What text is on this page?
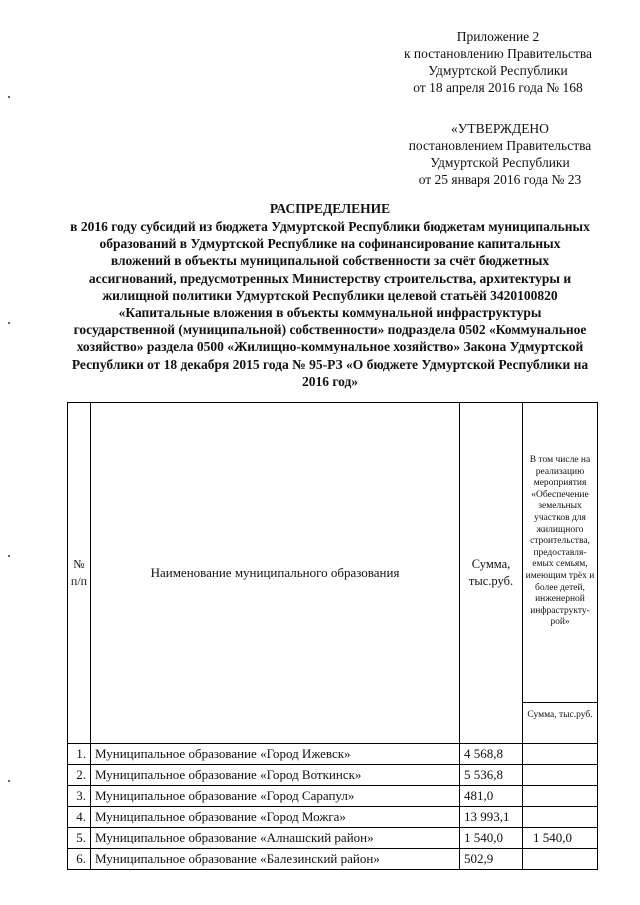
Приложение 2
к постановлению Правительства
Удмуртской Республики
от 18 апреля 2016 года № 168
«УТВЕРЖДЕНО
постановлением Правительства
Удмуртской Республики
от 25 января 2016 года № 23
РАСПРЕДЕЛЕНИЕ
в 2016 году субсидий из бюджета Удмуртской Республики бюджетам муниципальных
образований в Удмуртской Республике на софинансирование капитальных
вложений в объекты муниципальной собственности за счёт бюджетных
ассигнований, предусмотренных Министерству строительства, архитектуры и
жилищной политики Удмуртской Республики целевой статьёй 3420100820
«Капитальные вложения в объекты коммунальной инфраструктуры
государственной (муниципальной) собственности» подраздела 0502 «Коммунальное
хозяйство» раздела 0500 «Жилищно-коммунальное хозяйство» Закона Удмуртской
Республики от 18 декабря 2015 года № 95-РЗ «О бюджете Удмуртской Республики на
2016 год»
№ п/п	Наименование муниципального образования	Сумма, тыс.руб.	В том числе на реализацию мероприятия «Обеспечение земельных участков для жилищного строительства, предоставля-емых семьям, имеющим трёх и более детей, инженерной инфраструкту-рой»
			Сумма, тыс.руб.
1.	Муниципальное образование «Город Ижевск»	4 568,8	
2.	Муниципальное образование «Город Воткинск»	5 536,8	
3.	Муниципальное образование «Город Сарапул»	481,0	
4.	Муниципальное образование «Город Можга»	13 993,1	
5.	Муниципальное образование «Алнашский район»	1 540,0	1 540,0
6.	Муниципальное образование «Балезинский район»	502,9	
